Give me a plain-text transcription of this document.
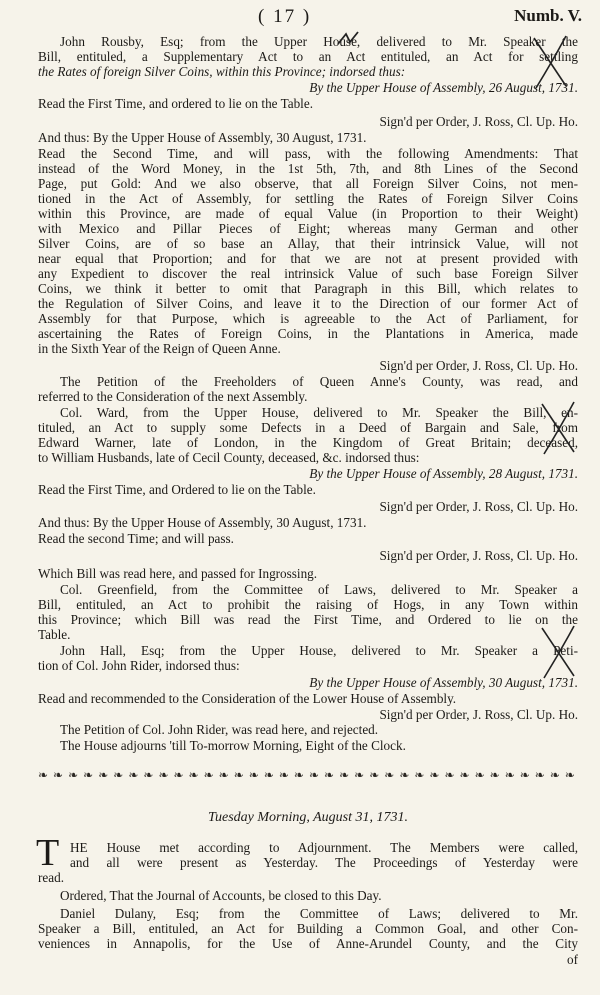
( 17 )	Numb. V.
John Rousby, Esq; from the Upper House, delivered to Mr. Speaker the
Bill, entituled, a Supplementary Act to an Act entituled, an Act for settling
the Rates of foreign Silver Coins, within this Province; indorsed thus:
By the Upper House of Assembly, 26 August, 1731.
Read the First Time, and ordered to lie on the Table.
Sign'd per Order, J. Ross, Cl. Up. Ho.
And thus: By the Upper House of Assembly, 30 August, 1731.
Read the Second Time, and will pass, with the following Amendments: That
instead of the Word Money, in the 1st 5th, 7th, and 8th Lines of the Second
Page, put Gold: And we also observe, that all Foreign Silver Coins, not men-
tioned in the Act of Assembly, for settling the Rates of Foreign Silver Coins
within this Province, are made of equal Value (in Proportion to their Weight)
with Mexico and Pillar Pieces of Eight; whereas many German and other
Silver Coins, are of so base an Allay, that their intrinsick Value, will not
near equal that Proportion; and for that we are not at present provided with
any Expedient to discover the real intrinsick Value of such base Foreign Silver
Coins, we think it better to omit that Paragraph in this Bill, which relates to
the Regulation of Silver Coins, and leave it to the Direction of our former Act of
Assembly for that Purpose, which is agreeable to the Act of Parliament, for
ascertaining the Rates of Foreign Coins, in the Plantations in America, made
in the Sixth Year of the Reign of Queen Anne.
Sign'd per Order, J. Ross, Cl. Up. Ho.
The Petition of the Freeholders of Queen Anne's County, was read, and
referred to the Consideration of the next Assembly.
Col. Ward, from the Upper House, delivered to Mr. Speaker the Bill, en-
tituled, an Act to supply some Defects in a Deed of Bargain and Sale, from
Edward Warner, late of London, in the Kingdom of Great Britain; deceased,
to William Husbands, late of Cecil County, deceased, &c. indorsed thus:
By the Upper House of Assembly, 28 August, 1731.
Read the First Time, and Ordered to lie on the Table.
Sign'd per Order, J. Ross, Cl. Up. Ho.
And thus: By the Upper House of Assembly, 30 August, 1731.
Read the second Time; and will pass.
Sign'd per Order, J. Ross, Cl. Up. Ho.
Which Bill was read here, and passed for Ingrossing.
Col. Greenfield, from the Committee of Laws, delivered to Mr. Speaker a
Bill, entituled, an Act to prohibit the raising of Hogs, in any Town within
this Province; which Bill was read the First Time, and Ordered to lie on the
Table.
John Hall, Esq; from the Upper House, delivered to Mr. Speaker a Peti-
tion of Col. John Rider, indorsed thus:
By the Upper House of Assembly, 30 August, 1731.
Read and recommended to the Consideration of the Lower House of Assembly.
Sign'd per Order, J. Ross, Cl. Up. Ho.
The Petition of Col. John Rider, was read here, and rejected.
The House adjourns 'till To-morrow Morning, Eight of the Clock.
❧ ❧ ❧ ❧ ❧ ❧ ❧ ❧ ❧ ❧ ❧ ❧ ❧ ❧ ❧ ❧ ❧ ❧ ❧ ❧ ❧ ❧ ❧ ❧ ❧ ❧ ❧ ❧ ❧ ❧ ❧ ❧ ❧ ❧ ❧ ❧
Tuesday Morning, August 31, 1731.
T HE House met according to Adjournment. The Members were called,
and all were present as Yesterday. The Proceedings of Yesterday were
read.
Ordered, That the Journal of Accounts, be closed to this Day.
Daniel Dulany, Esq; from the Committee of Laws; delivered to Mr.
Speaker a Bill, entituled, an Act for Building a Common Goal, and other Con-
veniences in Annapolis, for the Use of Anne-Arundel County, and the City
of
